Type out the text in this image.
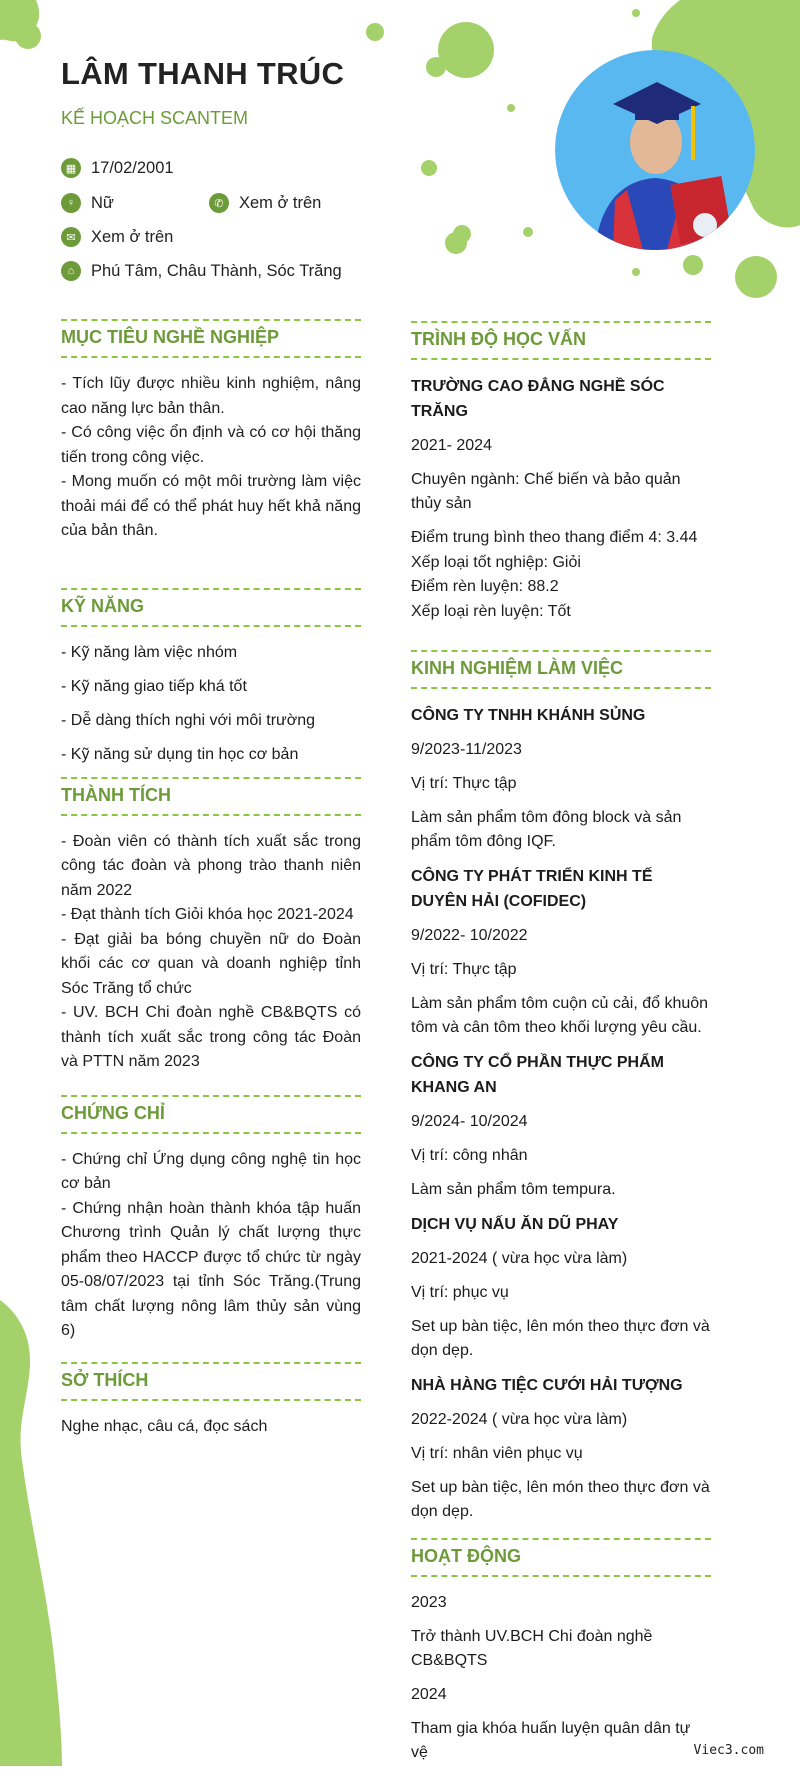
LÂM THANH TRÚC
KẾ HOẠCH SCANTEM
▦ 17/02/2001
♀ Nữ	✆ Xem ở trên
✉ Xem ở trên
⌂	Phú Tâm, Châu Thành, Sóc Trăng
MỤC TIÊU NGHỀ NGHIỆP
- Tích lũy được nhiều kinh nghiệm, nâng cao năng lực bản thân.
- Có công việc ổn định và có cơ hội thăng tiến trong công việc.
- Mong muốn có một môi trường làm việc thoải mái để có thể phát huy hết khả năng của bản thân.
KỸ NĂNG
- Kỹ năng làm việc nhóm
- Kỹ năng giao tiếp khá tốt
- Dễ dàng thích nghi với môi trường
- Kỹ năng sử dụng tin học cơ bản
THÀNH TÍCH
- Đoàn viên có thành tích xuất sắc trong công tác đoàn và phong trào thanh niên năm 2022
- Đạt thành tích Giỏi khóa học 2021-2024
- Đạt giải ba bóng chuyền nữ do Đoàn khối các cơ quan và doanh nghiệp tỉnh Sóc Trăng tổ chức
- UV. BCH Chi đoàn nghề CB&BQTS có thành tích xuất sắc trong công tác Đoàn và PTTN năm 2023
CHỨNG CHỈ
- Chứng chỉ Ứng dụng công nghệ tin học cơ bản
- Chứng nhận hoàn thành khóa tập huấn Chương trình Quản lý chất lượng thực phẩm theo HACCP được tổ chức từ ngày 05-08/07/2023 tại tỉnh Sóc Trăng.(Trung tâm chất lượng nông lâm thủy sản vùng 6)
SỞ THÍCH
Nghe nhạc, câu cá, đọc sách
TRÌNH ĐỘ HỌC VẤN
TRƯỜNG CAO ĐẲNG NGHỀ SÓC TRĂNG
2021- 2024
Chuyên ngành: Chế biến và bảo quản thủy sản
Điểm trung bình theo thang điểm 4: 3.44
Xếp loại tốt nghiệp: Giỏi
Điểm rèn luyện: 88.2
Xếp loại rèn luyện: Tốt
KINH NGHIỆM LÀM VIỆC
CÔNG TY TNHH KHÁNH SỦNG
9/2023-11/2023
Vị trí: Thực tập
Làm sản phẩm tôm đông block và sản phẩm tôm đông IQF.
CÔNG TY PHÁT TRIỂN KINH TẾ DUYÊN HẢI (COFIDEC)
9/2022- 10/2022
Vị trí: Thực tập
Làm sản phẩm tôm cuộn củ cải, đổ khuôn tôm và cân tôm theo khối lượng yêu cầu.
CÔNG TY CỔ PHẦN THỰC PHẨM KHANG AN
9/2024- 10/2024
Vị trí: công nhân
Làm sản phẩm tôm tempura.
DỊCH VỤ NẤU ĂN DŨ PHAY
2021-2024 ( vừa học vừa làm)
Vị trí: phục vụ
Set up bàn tiệc, lên món theo thực đơn và dọn dẹp.
NHÀ HÀNG TIỆC CƯỚI HẢI TƯỢNG
2022-2024 ( vừa học vừa làm)
Vị trí: nhân viên phục vụ
Set up bàn tiệc, lên món theo thực đơn và dọn dẹp.
HOẠT ĐỘNG
2023
Trở thành UV.BCH Chi đoàn nghề CB&BQTS
2024
Tham gia khóa huấn luyện quân dân tự vệ	Viec3.com
